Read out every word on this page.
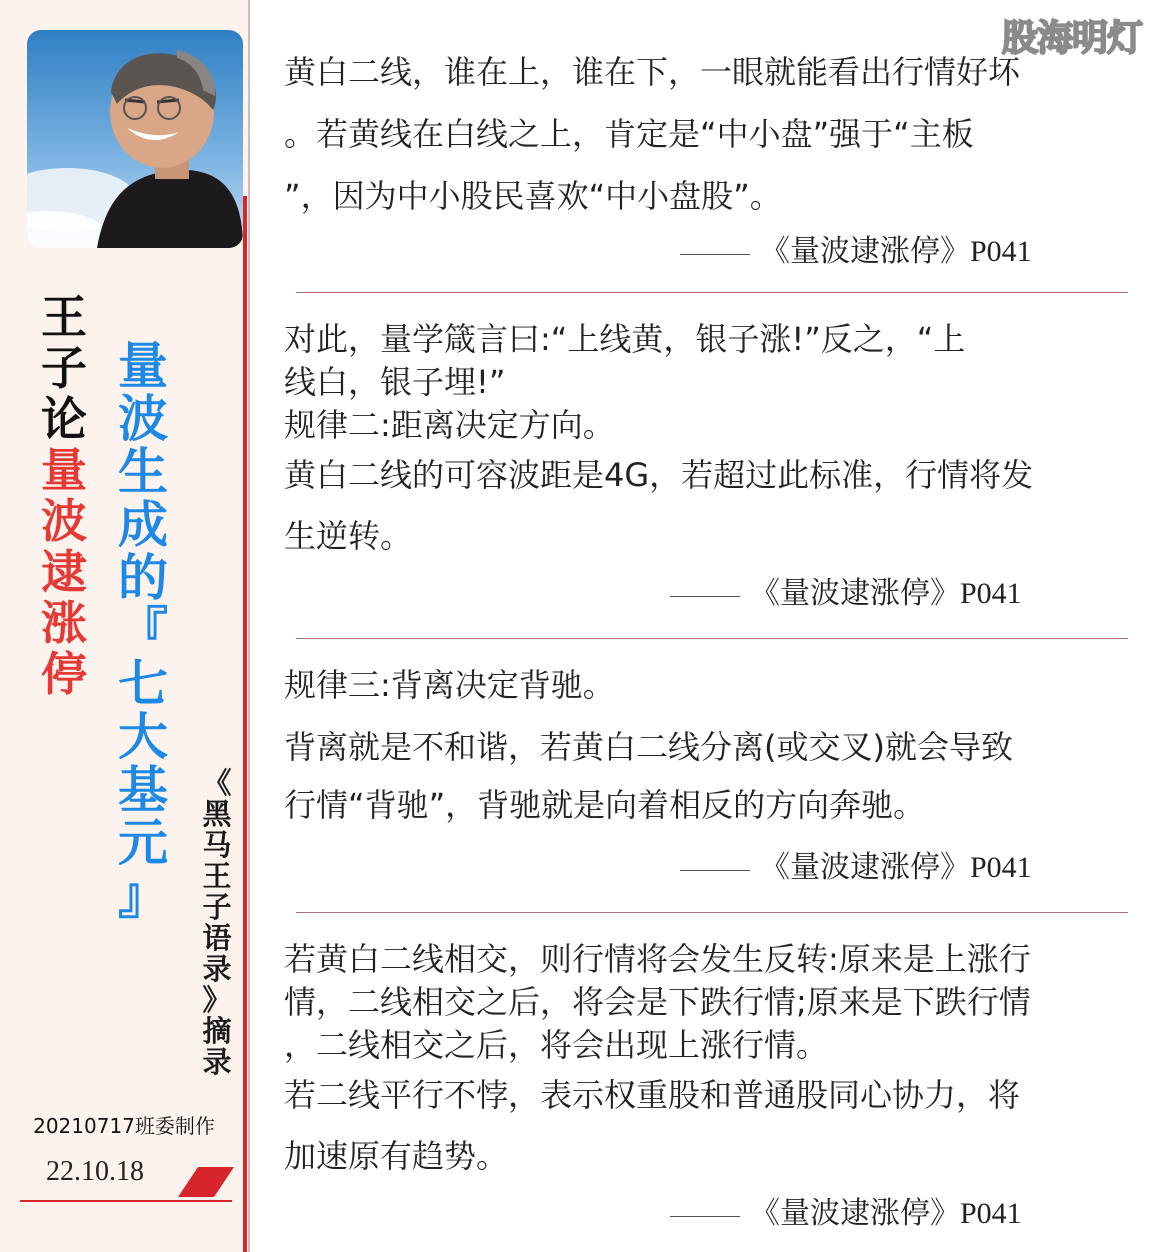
王
子
论
量
波
逮
涨
停
量
波
生
成
的
『
七
大
基
元
』
《
黑
马
王
子
语
录
》
摘
录
20210717班委制作
22.10.18
股海明灯
黄白二线，谁在上，谁在下，一眼就能看出行情好坏
。若黄线在白线之上，肯定是“中小盘”强于“主板
”，因为中小股民喜欢“中小盘股”。
《量波逮涨停》P041
对此，量学箴言曰:“上线黄，银子涨!”反之，“上
线白，银子埋!”
规律二:距离决定方向。
黄白二线的可容波距是4G，若超过此标准，行情将发
生逆转。
《量波逮涨停》P041
规律三:背离决定背驰。
背离就是不和谐，若黄白二线分离(或交叉)就会导致
行情“背驰”，背驰就是向着相反的方向奔驰。
《量波逮涨停》P041
若黄白二线相交，则行情将会发生反转:原来是上涨行
情，二线相交之后，将会是下跌行情;原来是下跌行情
，二线相交之后，将会出现上涨行情。
若二线平行不悖，表示权重股和普通股同心协力，将
加速原有趋势。
《量波逮涨停》P041
